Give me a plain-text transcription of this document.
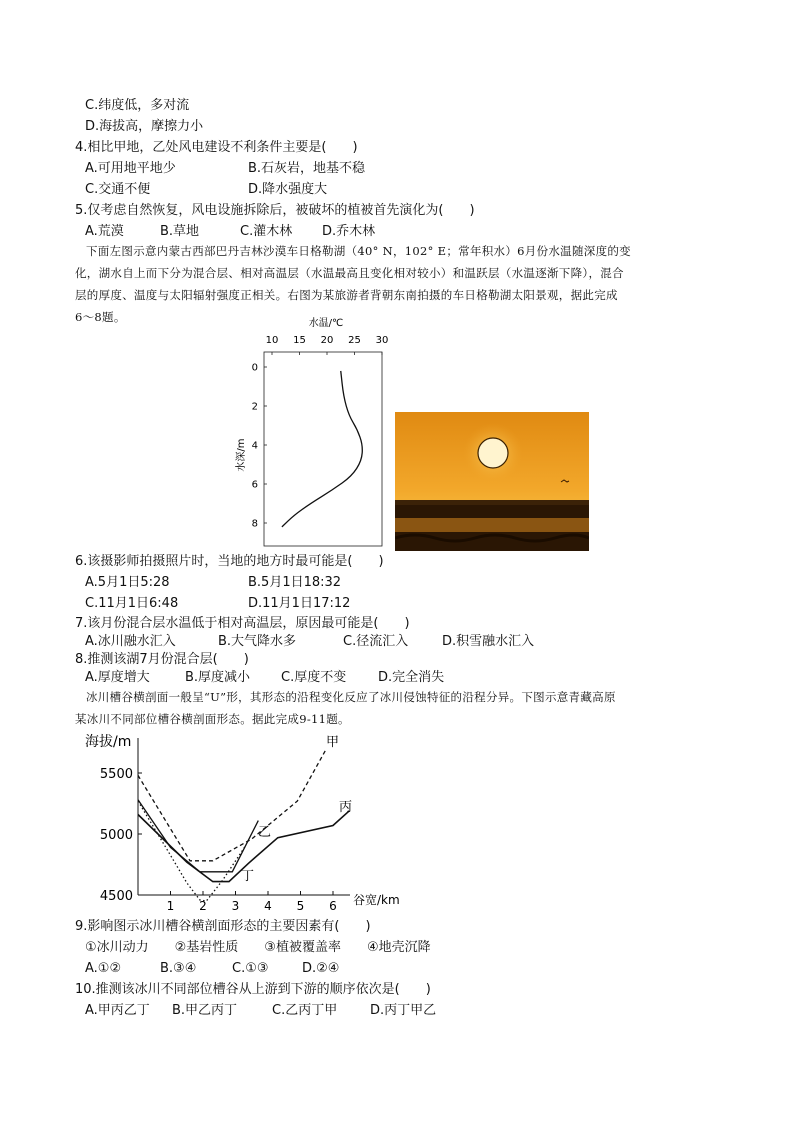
C.纬度低，多对流
D.海拔高，摩擦力小
4.相比甲地，乙处风电建设不利条件主要是(　　)
A.可用地平地少	B.石灰岩，地基不稳
C.交通不便	D.降水强度大
5.仅考虑自然恢复，风电设施拆除后，被破坏的植被首先演化为(　　)
A.荒漠	B.草地	C.灌木林 D.乔木林
下面左图示意内蒙古西部巴丹吉林沙漠车日格勒湖（40° N，102° E；常年积水）6月份水温随深度的变
化，湖水自上而下分为混合层、相对高温层（水温最高且变化相对较小）和温跃层（水温逐渐下降），混合
层的厚度、温度与太阳辐射强度正相关。右图为某旅游者背朝东南拍摄的车日格勒湖太阳景观，据此完成
6～8题。	水温/℃
10 15 20 25 30
0
2
4
6
8
水深/m
6.该摄影师拍摄照片时，当地的地方时最可能是(　　)
A.5月1日5:28	B.5月1日18:32
C.11月1日6:48	D.11月1日17:12
7.该月份混合层水温低于相对高温层，原因最可能是(　　)
A.冰川融水汇入	B.大气降水多	C.径流汇入	D.积雪融水汇入
8.推测该湖7月份混合层(　　)
A.厚度增大	B.厚度减小 C.厚度不变 D.完全消失
冰川槽谷横剖面一般呈“U”形，其形态的沿程变化反应了冰川侵蚀特征的沿程分异。下图示意青藏高原
某冰川不同部位槽谷横剖面形态。据此完成9-11题。
海拔/m
4500
5000
5500
1 2 3 4 5 6 谷宽/km
甲
丙
乙
丁
9.影响图示冰川槽谷横剖面形态的主要因素有(　　)
①冰川动力　　②基岩性质　　③植被覆盖率　　④地壳沉降
A.①②	B.③④	C.①③	D.②④
10.推测该冰川不同部位槽谷从上游到下游的顺序依次是(　　)
A.甲丙乙丁 B.甲乙丙丁	C.乙丙丁甲	D.丙丁甲乙
